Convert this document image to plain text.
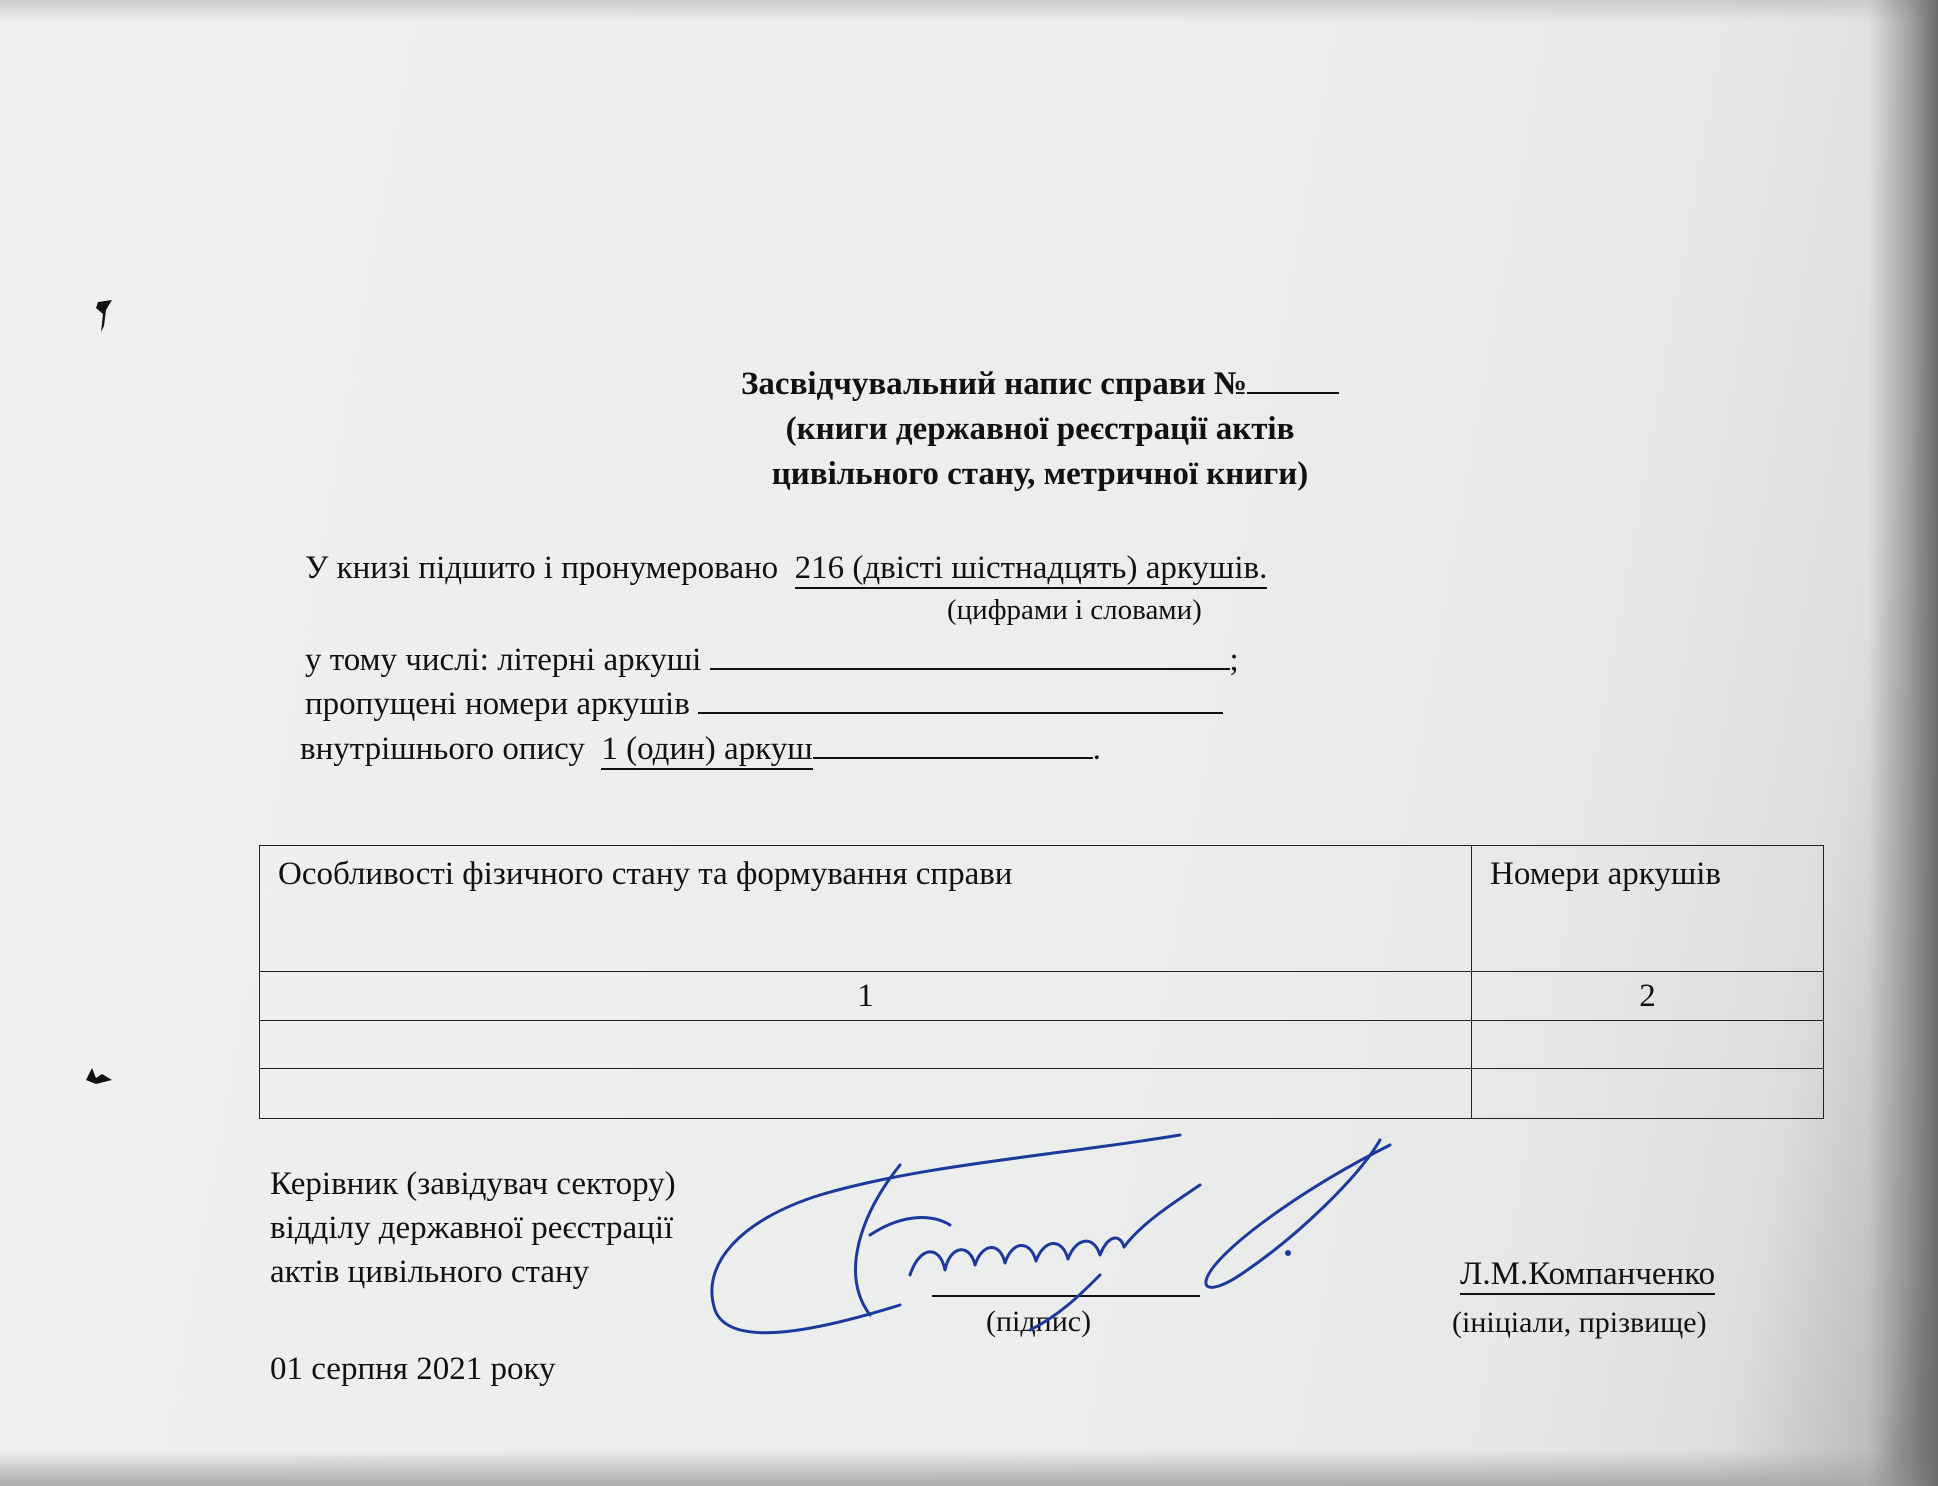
Засвідчувальний напис справи №
(книги державної реєстрації актів
цивільного стану, метричної книги)
У книзі підшито і пронумеровано 216 (двісті шістнадцять) аркушів.
(цифрами і словами)
у тому числі: літерні аркуші	;
пропущені номери аркушів
внутрішнього опису 1 (один) аркуш	.
Особливості фізичного стану та формування справи	Номери аркушів
1	2

Керівник (завідувач сектору)
відділу державної реєстрації
актів цивільного стану
(підпис)
Л.М.Компанченко
(ініціали, прізвище)
01 серпня 2021 року
